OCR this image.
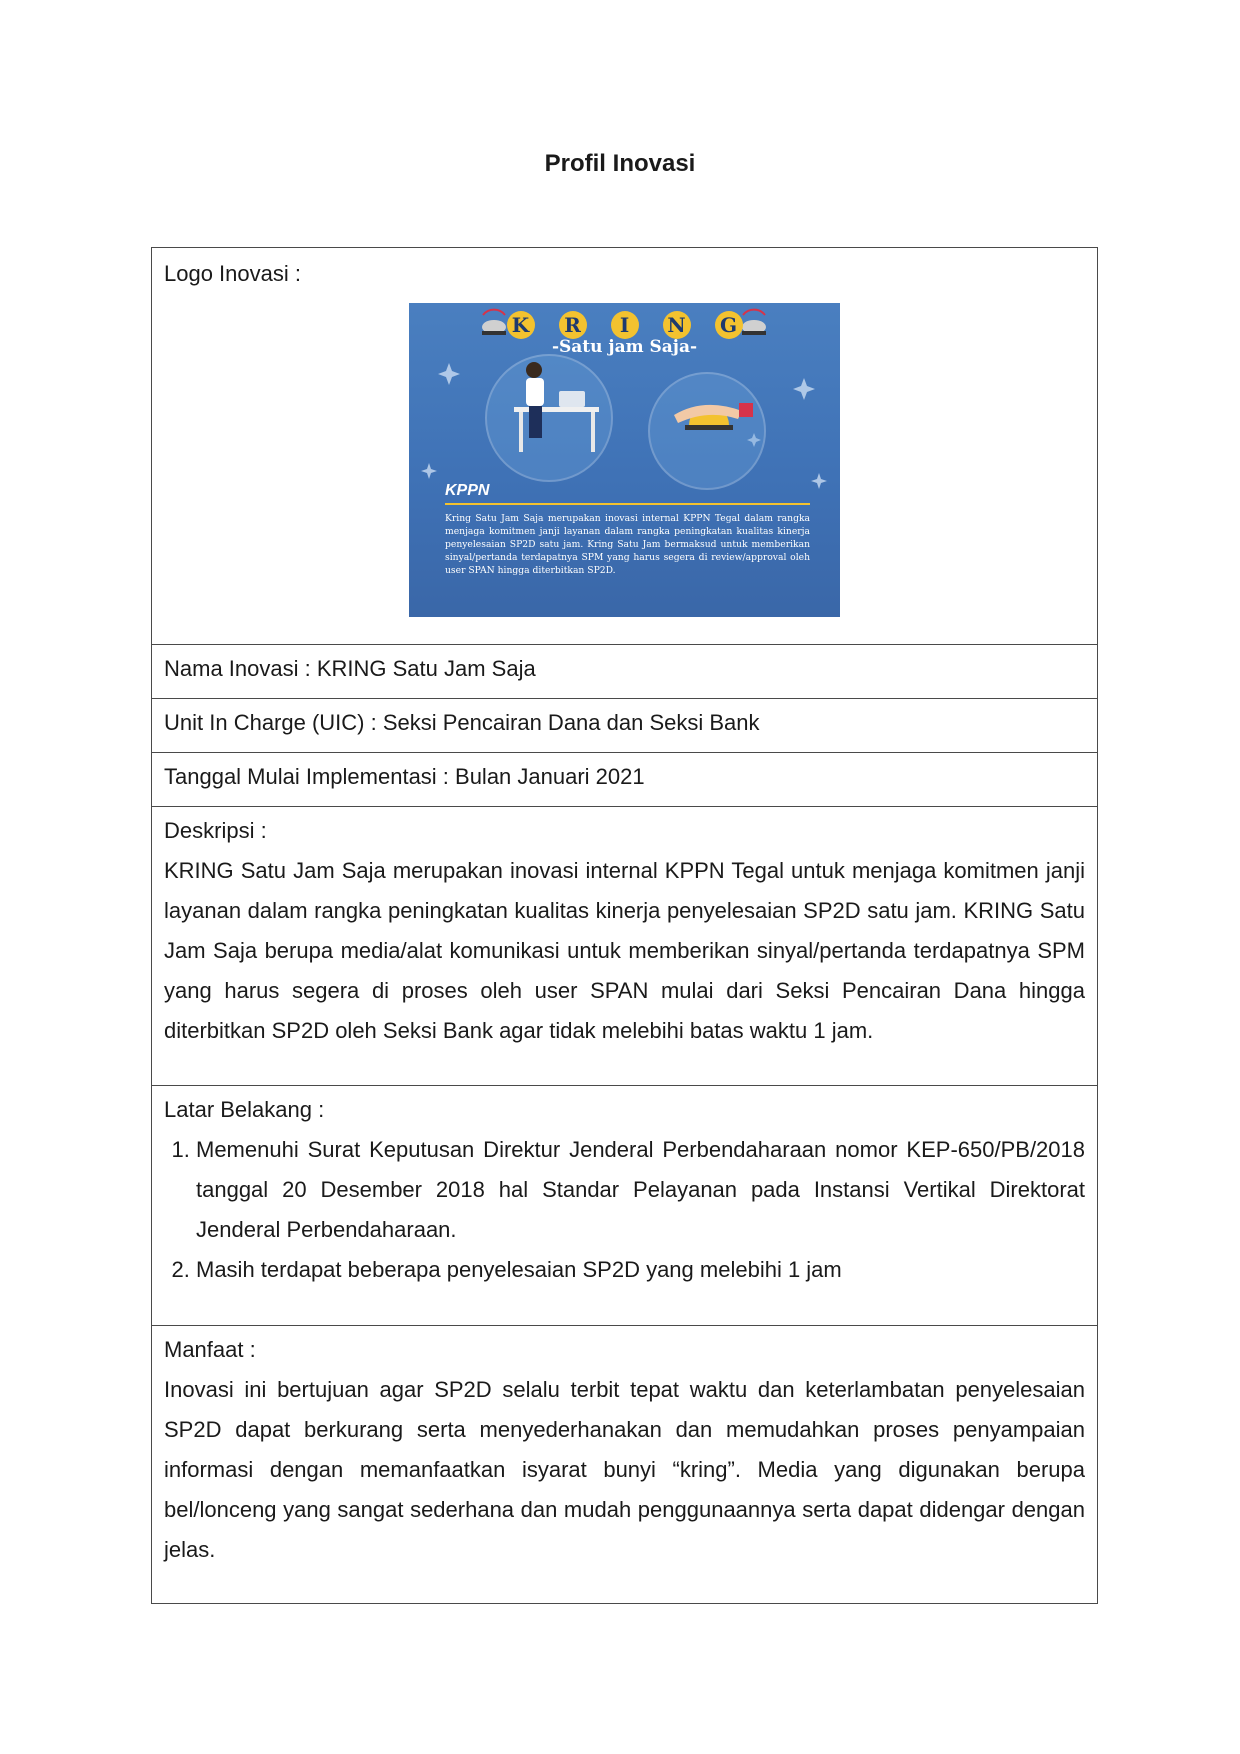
Profil Inovasi
Logo Inovasi :
K R I N G
-Satu jam Saja-
KPPN
Kring Satu Jam Saja merupakan inovasi internal KPPN Tegal dalam rangka menjaga komitmen janji layanan dalam rangka peningkatan kualitas kinerja penyelesaian SP2D satu jam. Kring Satu Jam bermaksud untuk memberikan sinyal/pertanda terdapatnya SPM yang harus segera di review/approval oleh user SPAN hingga diterbitkan SP2D.
Nama Inovasi : KRING Satu Jam Saja
Unit In Charge (UIC) : Seksi Pencairan Dana dan Seksi Bank
Tanggal Mulai Implementasi : Bulan Januari 2021
Deskripsi :
KRING Satu Jam Saja merupakan inovasi internal KPPN Tegal untuk menjaga komitmen janji layanan dalam rangka peningkatan kualitas kinerja penyelesaian SP2D satu jam. KRING Satu Jam Saja berupa media/alat komunikasi untuk memberikan sinyal/pertanda terdapatnya SPM yang harus segera di proses oleh user SPAN mulai dari Seksi Pencairan Dana hingga diterbitkan SP2D oleh Seksi Bank agar tidak melebihi batas waktu 1 jam.
Latar Belakang :
1. Memenuhi Surat Keputusan Direktur Jenderal Perbendaharaan nomor KEP-650/PB/2018 tanggal 20 Desember 2018 hal Standar Pelayanan pada Instansi Vertikal Direktorat Jenderal Perbendaharaan.
2. Masih terdapat beberapa penyelesaian SP2D yang melebihi 1 jam
Manfaat :
Inovasi ini bertujuan agar SP2D selalu terbit tepat waktu dan keterlambatan penyelesaian SP2D dapat berkurang serta menyederhanakan dan memudahkan proses penyampaian informasi dengan memanfaatkan isyarat bunyi “kring”. Media yang digunakan berupa bel/lonceng yang sangat sederhana dan mudah penggunaannya serta dapat didengar dengan jelas.
